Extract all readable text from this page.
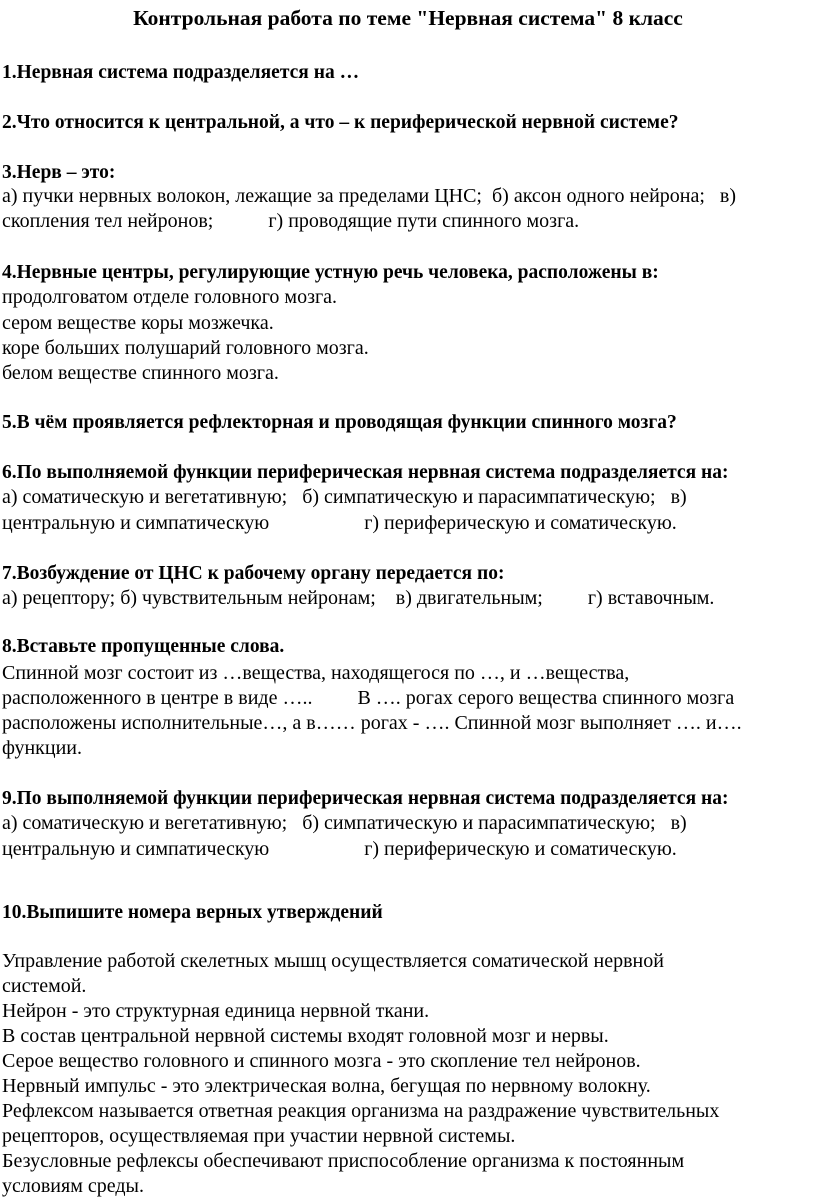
Контрольная работа по теме "Нервная система" 8 класс
1.Нервная система подразделяется на …
2.Что относится к центральной, а что – к периферической нервной системе?
3.Нерв – это:
а) пучки нервных волокон, лежащие за пределами ЦНС;  б) аксон одного нейрона;   в)
скопления тел нейронов;           г) проводящие пути спинного мозга.
4.Нервные центры, регулирующие устную речь человека, расположены в:
продолговатом отделе головного мозга.
сером веществе коры мозжечка.
коре больших полушарий головного мозга.
белом веществе спинного мозга.
5.В чём проявляется рефлекторная и проводящая функции спинного мозга?
6.По выполняемой функции периферическая нервная система подразделяется на:
а) соматическую и вегетативную;   б) симпатическую и парасимпатическую;   в)
центральную и симпатическую                   г) периферическую и соматическую.
7.Возбуждение от ЦНС к рабочему органу передается по:
а) рецептору; б) чувствительным нейронам;    в) двигательным;         г) вставочным.
8.Вставьте пропущенные слова.
Спинной мозг состоит из …вещества, находящегося по …, и …вещества,
расположенного в центре в виде …..         В …. рогах серого вещества спинного мозга
расположены исполнительные…, а в…… рогах - …. Спинной мозг выполняет …. и….
функции.
9.По выполняемой функции периферическая нервная система подразделяется на:
а) соматическую и вегетативную;   б) симпатическую и парасимпатическую;   в)
центральную и симпатическую                   г) периферическую и соматическую.
10.Выпишите номера верных утверждений
Управление работой скелетных мышц осуществляется соматической нервной
системой.
Нейрон - это структурная единица нервной ткани.
В состав центральной нервной системы входят головной мозг и нервы.
Серое вещество головного и спинного мозга - это скопление тел нейронов.
Нервный импульс - это электрическая волна, бегущая по нервному волокну.
Рефлексом называется ответная реакция организма на раздражение чувствительных
рецепторов, осуществляемая при участии нервной системы.
Безусловные рефлексы обеспечивают приспособление организма к постоянным
условиям среды.
